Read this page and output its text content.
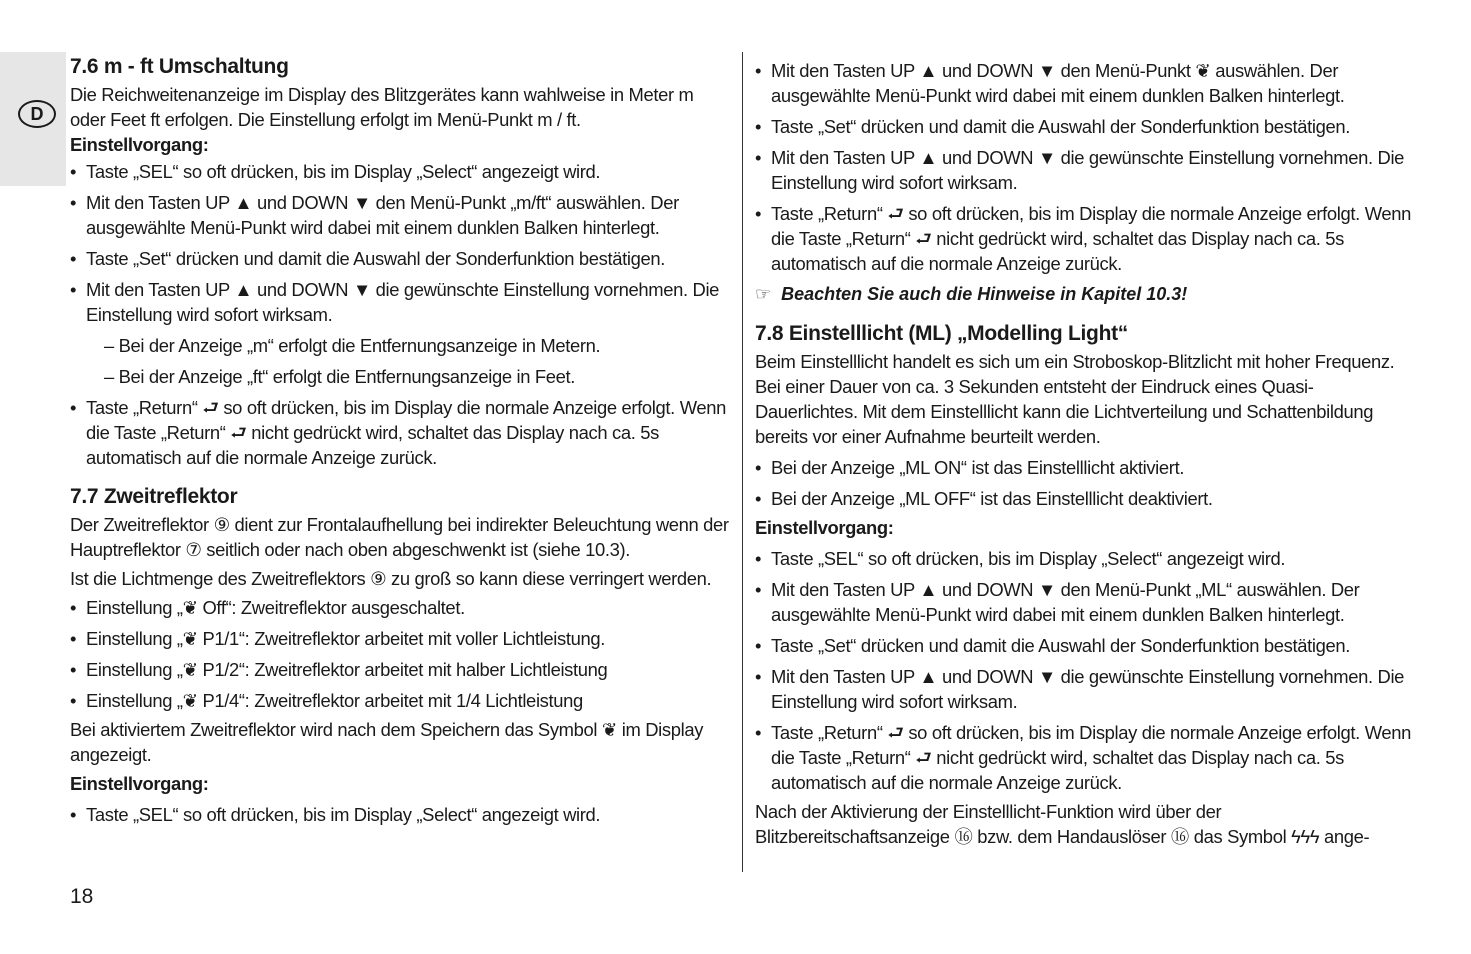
D
7.6 m - ft Umschaltung

Die Reichweitenanzeige im Display des Blitzgerätes kann wahlweise in Meter m oder Feet ft erfolgen. Die Einstellung erfolgt im Menü-Punkt m / ft.

Einstellvorgang:

• Taste „SEL“ so oft drücken, bis im Display „Select“ angezeigt wird.
• Mit den Tasten UP ▲ und DOWN ▼ den Menü-Punkt „m/ft“ auswählen. Der ausgewählte Menü-Punkt wird dabei mit einem dunklen Balken hinterlegt.
• Taste „Set“ drücken und damit die Auswahl der Sonderfunktion bestätigen.
• Mit den Tasten UP ▲ und DOWN ▼ die gewünschte Einstellung vornehmen. Die Einstellung wird sofort wirksam.
– Bei der Anzeige „m“ erfolgt die Entfernungsanzeige in Metern.
– Bei der Anzeige „ft“ erfolgt die Entfernungsanzeige in Feet.
• Taste „Return“ ⮐ so oft drücken, bis im Display die normale Anzeige erfolgt. Wenn die Taste „Return“ ⮐ nicht gedrückt wird, schaltet das Display nach ca. 5s automatisch auf die normale Anzeige zurück.
7.7 Zweitreflektor

Der Zweitreflektor ⑨ dient zur Frontalaufhellung bei indirekter Beleuchtung wenn der Hauptreflektor ⑦ seitlich oder nach oben abgeschwenkt ist (siehe 10.3).

Ist die Lichtmenge des Zweitreflektors ⑨ zu groß so kann diese verringert werden.

• Einstellung „❦ Off“: Zweitreflektor ausgeschaltet.
• Einstellung „❦ P1/1“: Zweitreflektor arbeitet mit voller Lichtleistung.
• Einstellung „❦ P1/2“: Zweitreflektor arbeitet mit halber Lichtleistung
• Einstellung „❦ P1/4“: Zweitreflektor arbeitet mit 1/4 Lichtleistung

Bei aktiviertem Zweitreflektor wird nach dem Speichern das Symbol ❦ im Display angezeigt.

Einstellvorgang:

• Taste „SEL“ so oft drücken, bis im Display „Select“ angezeigt wird.
• Mit den Tasten UP ▲ und DOWN ▼ den Menü-Punkt ❦ auswählen. Der ausgewählte Menü-Punkt wird dabei mit einem dunklen Balken hinterlegt.
• Taste „Set“ drücken und damit die Auswahl der Sonderfunktion bestätigen.
• Mit den Tasten UP ▲ und DOWN ▼ die gewünschte Einstellung vornehmen. Die Einstellung wird sofort wirksam.
• Taste „Return“ ⮐ so oft drücken, bis im Display die normale Anzeige erfolgt. Wenn die Taste „Return“ ⮐ nicht gedrückt wird, schaltet das Display nach ca. 5s automatisch auf die normale Anzeige zurück.
☞ Beachten Sie auch die Hinweise in Kapitel 10.3!
7.8 Einstelllicht (ML) „Modelling Light“

Beim Einstelllicht handelt es sich um ein Stroboskop-Blitzlicht mit hoher Frequenz. Bei einer Dauer von ca. 3 Sekunden entsteht der Eindruck eines Quasi-Dauerlichtes. Mit dem Einstelllicht kann die Lichtverteilung und Schattenbildung bereits vor einer Aufnahme beurteilt werden.

• Bei der Anzeige „ML ON“ ist das Einstelllicht aktiviert.
• Bei der Anzeige „ML OFF“ ist das Einstelllicht deaktiviert.

Einstellvorgang:

• Taste „SEL“ so oft drücken, bis im Display „Select“ angezeigt wird.
• Mit den Tasten UP ▲ und DOWN ▼ den Menü-Punkt „ML“ auswählen. Der ausgewählte Menü-Punkt wird dabei mit einem dunklen Balken hinterlegt.
• Taste „Set“ drücken und damit die Auswahl der Sonderfunktion bestätigen.
• Mit den Tasten UP ▲ und DOWN ▼ die gewünschte Einstellung vornehmen. Die Einstellung wird sofort wirksam.
• Taste „Return“ ⮐ so oft drücken, bis im Display die normale Anzeige erfolgt. Wenn die Taste „Return“ ⮐ nicht gedrückt wird, schaltet das Display nach ca. 5s automatisch auf die normale Anzeige zurück.

Nach der Aktivierung der Einstelllicht-Funktion wird über der Blitzbereitschaftsanzeige ⑯ bzw. dem Handauslöser ⑯ das Symbol ϟϟϟ ange-

18
